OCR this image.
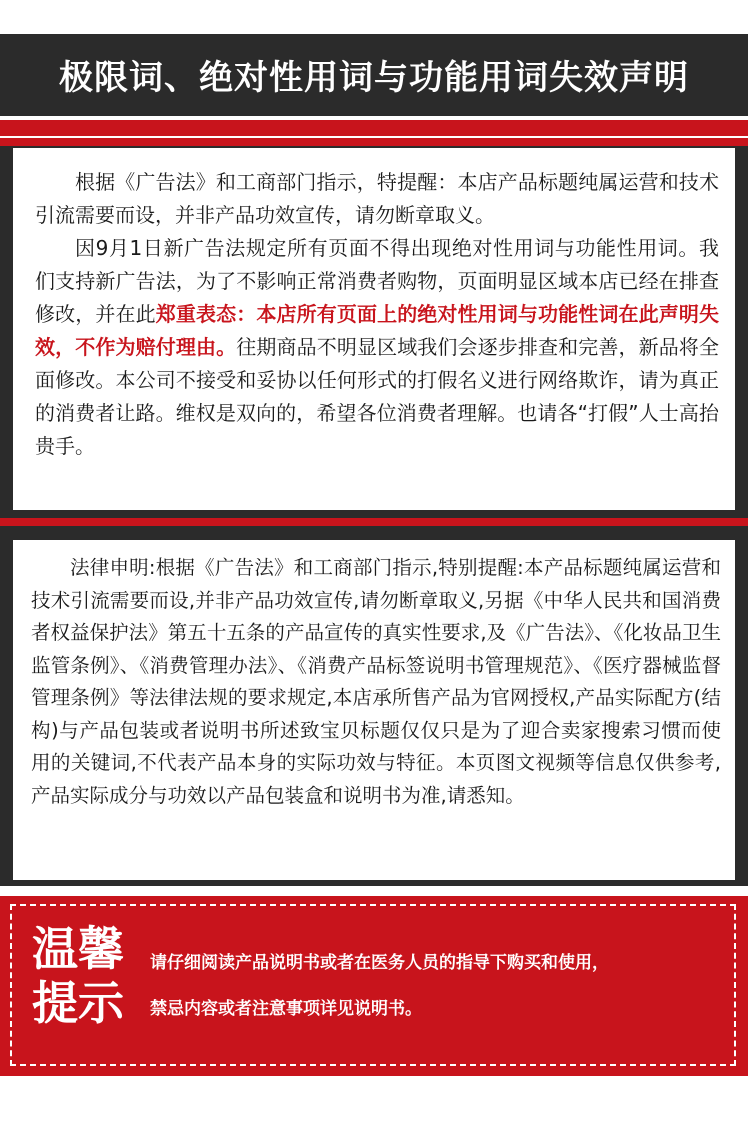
极限词、绝对性用词与功能用词失效声明

根据《广告法》和工商部门指示，特提醒：本店产品标题纯属运营和技术引流需要而设，并非产品功效宣传，请勿断章取义。

因9月1日新广告法规定所有页面不得出现绝对性用词与功能性用词。我们支持新广告法，为了不影响正常消费者购物，页面明显区域本店已经在排查修改，并在此郑重表态：本店所有页面上的绝对性用词与功能性词在此声明失效，不作为赔付理由。往期商品不明显区域我们会逐步排查和完善，新品将全面修改。本公司不接受和妥协以任何形式的打假名义进行网络欺诈，请为真正的消费者让路。维权是双向的，希望各位消费者理解。也请各“打假”人士高抬贵手。

法律申明:根据《广告法》和工商部门指示,特别提醒:本产品标题纯属运营和技术引流需要而设,并非产品功效宣传,请勿断章取义,另据《中华人民共和国消费者权益保护法》第五十五条的产品宣传的真实性要求,及《广告法》、《化妆品卫生监管条例》、《消费管理办法》、《消费产品标签说明书管理规范》、《医疗器械监督管理条例》等法律法规的要求规定,本店承所售产品为官网授权,产品实际配方(结构)与产品包装或者说明书所述致宝贝标题仅仅只是为了迎合卖家搜索习惯而使用的关键词,不代表产品本身的实际功效与特征。本页图文视频等信息仅供参考,产品实际成分与功效以产品包装盒和说明书为准,请悉知。

温馨
提示
请仔细阅读产品说明书或者在医务人员的指导下购买和使用，
禁忌内容或者注意事项详见说明书。
